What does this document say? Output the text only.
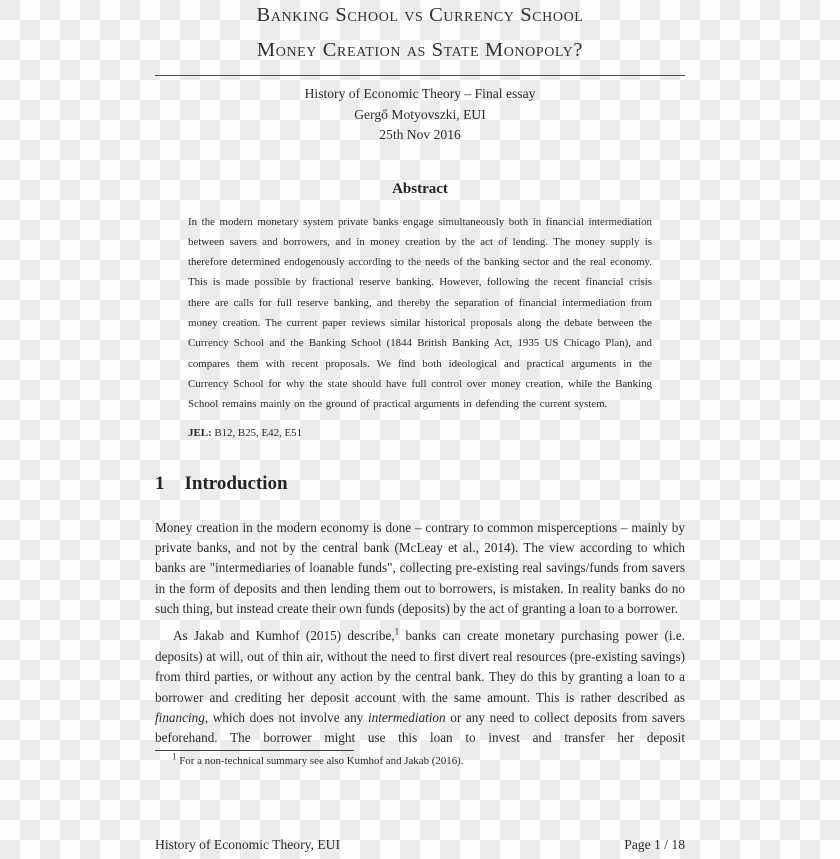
Banking School vs Currency School
Money Creation as State Monopoly?
History of Economic Theory – Final essay
Gergő Motyovszki, EUI
25th Nov 2016
Abstract

In the modern monetary system private banks engage simultaneously both in financial intermediation between savers and borrowers, and in money creation by the act of lending. The money supply is therefore determined endogenously according to the needs of the banking sector and the real economy. This is made possible by fractional reserve banking. However, following the recent financial crisis there are calls for full reserve banking, and thereby the separation of financial intermediation from money creation. The current paper reviews similar historical proposals along the debate between the Currency School and the Banking School (1844 British Banking Act, 1935 US Chicago Plan), and compares them with recent proposals. We find both ideological and practical arguments in the Currency School for why the state should have full control over money creation, while the Banking School remains mainly on the ground of practical arguments in defending the current system.

JEL: B12, B25, E42, E51

1 Introduction

Money creation in the modern economy is done – contrary to common misperceptions – mainly by private banks, and not by the central bank (McLeay et al., 2014). The view according to which banks are "intermediaries of loanable funds", collecting pre-existing real savings/funds from savers in the form of deposits and then lending them out to borrowers, is mistaken. In reality banks do no such thing, but instead create their own funds (deposits) by the act of granting a loan to a borrower.

As Jakab and Kumhof (2015) describe,$^1$ banks can create monetary purchasing power (i.e. deposits) at will, out of thin air, without the need to first divert real resources (pre-existing savings) from third parties, or without any action by the central bank. They do this by granting a loan to a borrower and crediting her deposit account with the same amount. This is rather described as financing, which does not involve any intermediation or any need to collect deposits from savers beforehand. The borrower might use this loan to invest and transfer her deposit

$^1$ For a non-technical summary see also Kumhof and Jakab (2016).

History of Economic Theory, EUI	Page 1 / 18
